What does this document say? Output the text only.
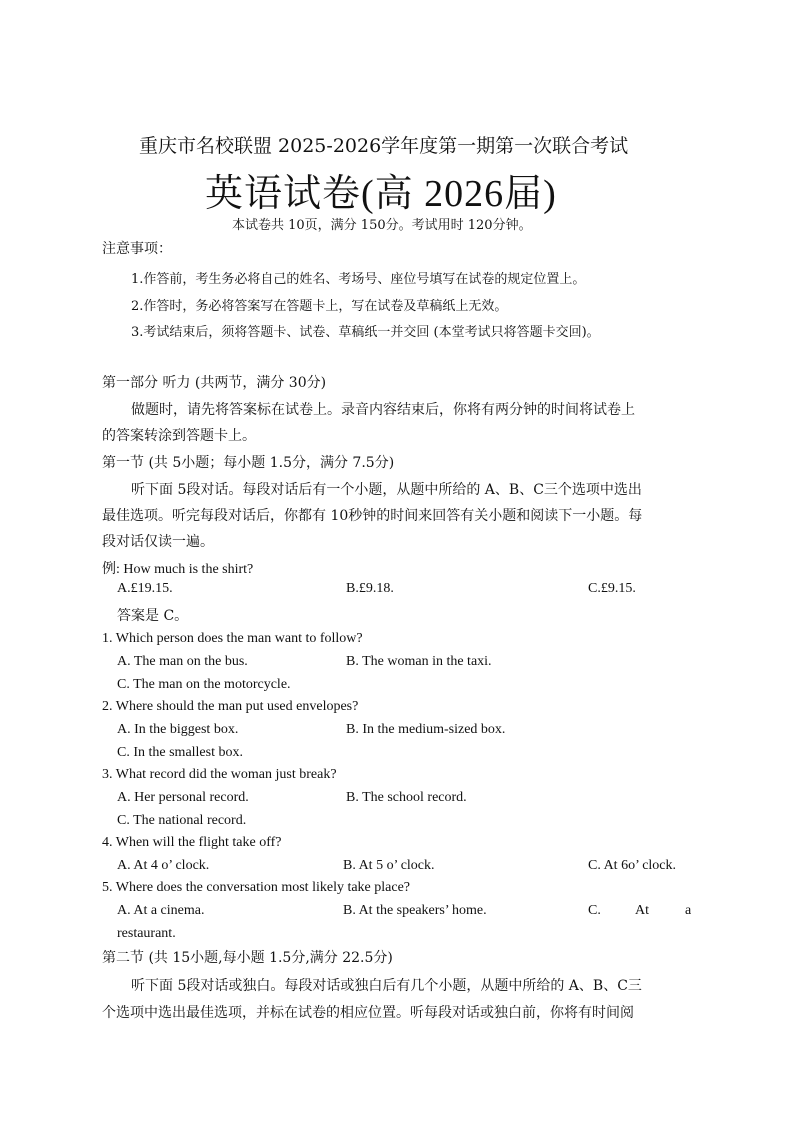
重庆市名校联盟 2025-2026学年度第一期第一次联合考试
英语试卷(高 2026届)
本试卷共 10页，满分 150分。考试用时 120分钟。
注意事项：
1.作答前，考生务必将自己的姓名、考场号、座位号填写在试卷的规定位置上。
2.作答时，务必将答案写在答题卡上，写在试卷及草稿纸上无效。
3.考试结束后，须将答题卡、试卷、草稿纸一并交回 (本堂考试只将答题卡交回)。
第一部分 听力 (共两节，满分 30分)
做题时，请先将答案标在试卷上。录音内容结束后，你将有两分钟的时间将试卷上
的答案转涂到答题卡上。
第一节 (共 5小题；每小题 1.5分，满分 7.5分)
听下面 5段对话。每段对话后有一个小题，从题中所给的 A、B、C三个选项中选出
最佳选项。听完每段对话后，你都有 10秒钟的时间来回答有关小题和阅读下一小题。每
段对话仅读一遍。
例: How much is the shirt?
A.£19.15.	B.£9.18.	C.£9.15.
答案是 C。
1. Which person does the man want to follow?
A. The man on the bus.	B. The woman in the taxi.
C. The man on the motorcycle.
2. Where should the man put used envelopes?
A. In the biggest box.	B. In the medium-sized box.
C. In the smallest box.
3. What record did the woman just break?
A. Her personal record.	B. The school record.
C. The national record.
4. When will the flight take off?
A. At 4 o’ clock.	B. At 5 o’ clock.	C. At 6o’ clock.
5. Where does the conversation most likely take place?
A. At a cinema.	B. At the speakers’ home.	C. At	a
restaurant.
第二节 (共 15小题,每小题 1.5分,满分 22.5分)
听下面 5段对话或独白。每段对话或独白后有几个小题，从题中所给的 A、B、C三
个选项中选出最佳选项，并标在试卷的相应位置。听每段对话或独白前，你将有时间阅
